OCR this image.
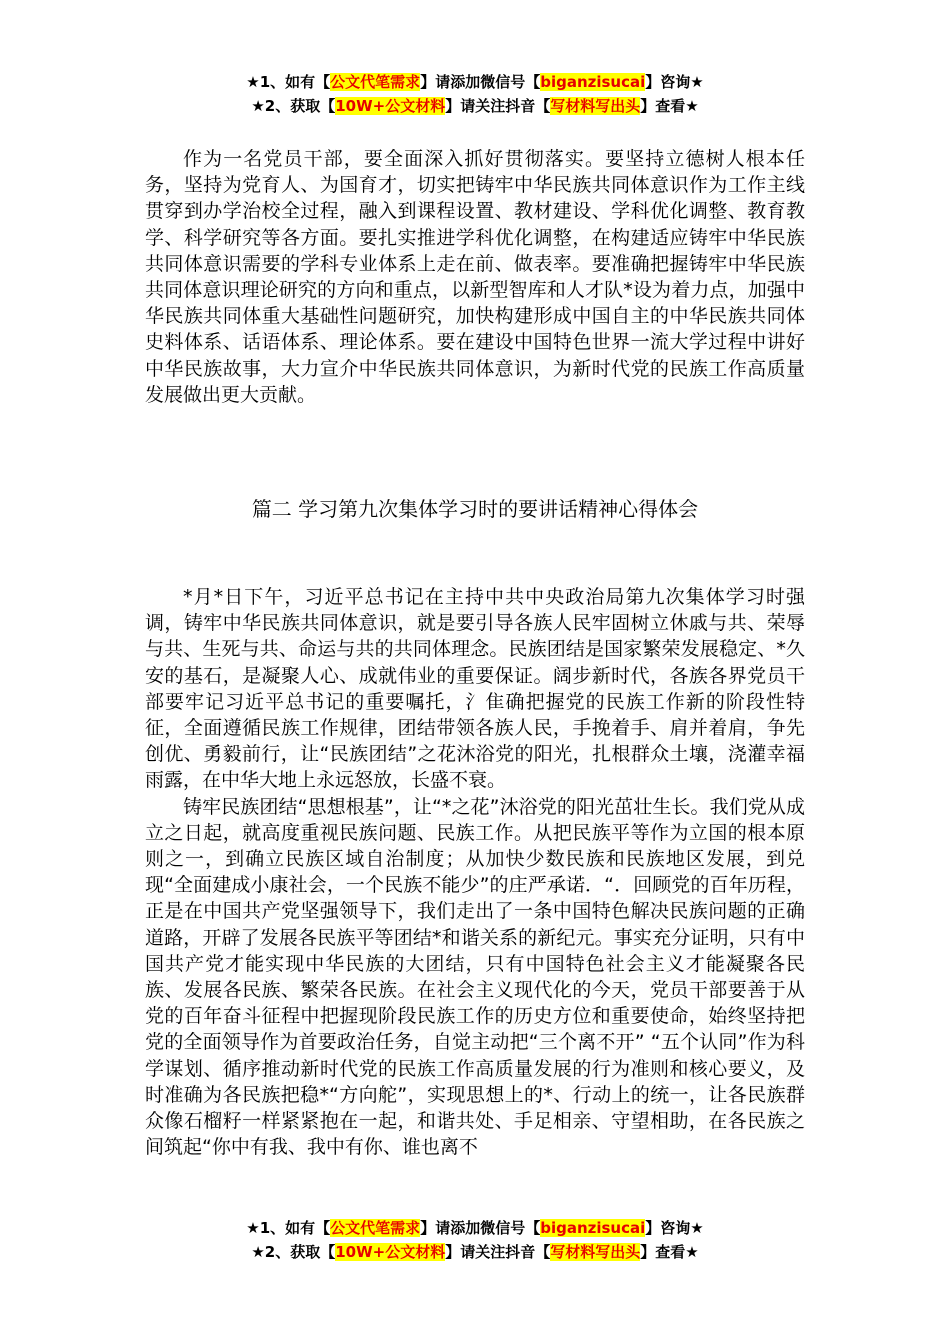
★1、如有【公文代笔需求】请添加微信号【biganzisucai】咨询★
★2、获取【10W+公文材料】请关注抖音【写材料写出头】查看★

作为一名党员干部，要全面深入抓好贯彻落实。要坚持立德树人根本任务，坚持为党育人、为国育才，切实把铸牢中华民族共同体意识作为工作主线贯穿到办学治校全过程，融入到课程设置、教材建设、学科优化调整、教育教学、科学研究等各方面。要扎实推进学科优化调整，在构建适应铸牢中华民族共同体意识需要的学科专业体系上走在前、做表率。要准确把握铸牢中华民族共同体意识理论研究的方向和重点，以新型智库和人才队*设为着力点，加强中华民族共同体重大基础性问题研究，加快构建形成中国自主的中华民族共同体史料体系、话语体系、理论体系。要在建设中国特色世界一流大学过程中讲好中华民族故事，大力宣介中华民族共同体意识，为新时代党的民族工作高质量发展做出更大贡献。

篇二 学习第九次集体学习时的要讲话精神心得体会

*月*日下午，习近平总书记在主持中共中央政治局第九次集体学习时强调，铸牢中华民族共同体意识，就是要引导各族人民牢固树立休戚与共、荣辱与共、生死与共、命运与共的共同体理念。民族团结是国家繁荣发展稳定、*久安的基石，是凝聚人心、成就伟业的重要保证。阔步新时代，各族各界党员干部要牢记习近平总书记的重要嘱托，氵隹确把握党的民族工作新的阶段性特征，全面遵循民族工作规律，团结带领各族人民，手挽着手、肩并着肩，争先创优、勇毅前行，让“民族团结”之花沐浴党的阳光，扎根群众土壤，浇灌幸福雨露，在中华大地上永远怒放，长盛不衰。

铸牢民族团结“思想根基”，让“*之花”沐浴党的阳光茁壮生长。我们党从成立之日起，就高度重视民族问题、民族工作。从把民族平等作为立国的根本原则之一，到确立民族区域自治制度；从加快少数民族和民族地区发展，到兑现“全面建成小康社会，一个民族不能少”的庄严承诺．“．回顾党的百年历程，正是在中国共产党坚强领导下，我们走出了一条中国特色解决民族问题的正确道路，开辟了发展各民族平等团结*和谐关系的新纪元。事实充分证明，只有中国共产党才能实现中华民族的大团结，只有中国特色社会主义才能凝聚各民族、发展各民族、繁荣各民族。在社会主义现代化的今天，党员干部要善于从党的百年奋斗征程中把握现阶段民族工作的历史方位和重要使命，始终坚持把党的全面领导作为首要政治任务，自觉主动把“三个离不开” “五个认同”作为科学谋划、循序推动新时代党的民族工作高质量发展的行为准则和核心要义，及时准确为各民族把稳*“方向舵”，实现思想上的*、行动上的统一，让各民族群众像石榴籽一样紧紧抱在一起，和谐共处、手足相亲、守望相助，在各民族之间筑起“你中有我、我中有你、谁也离不

★1、如有【公文代笔需求】请添加微信号【biganzisucai】咨询★
★2、获取【10W+公文材料】请关注抖音【写材料写出头】查看★
